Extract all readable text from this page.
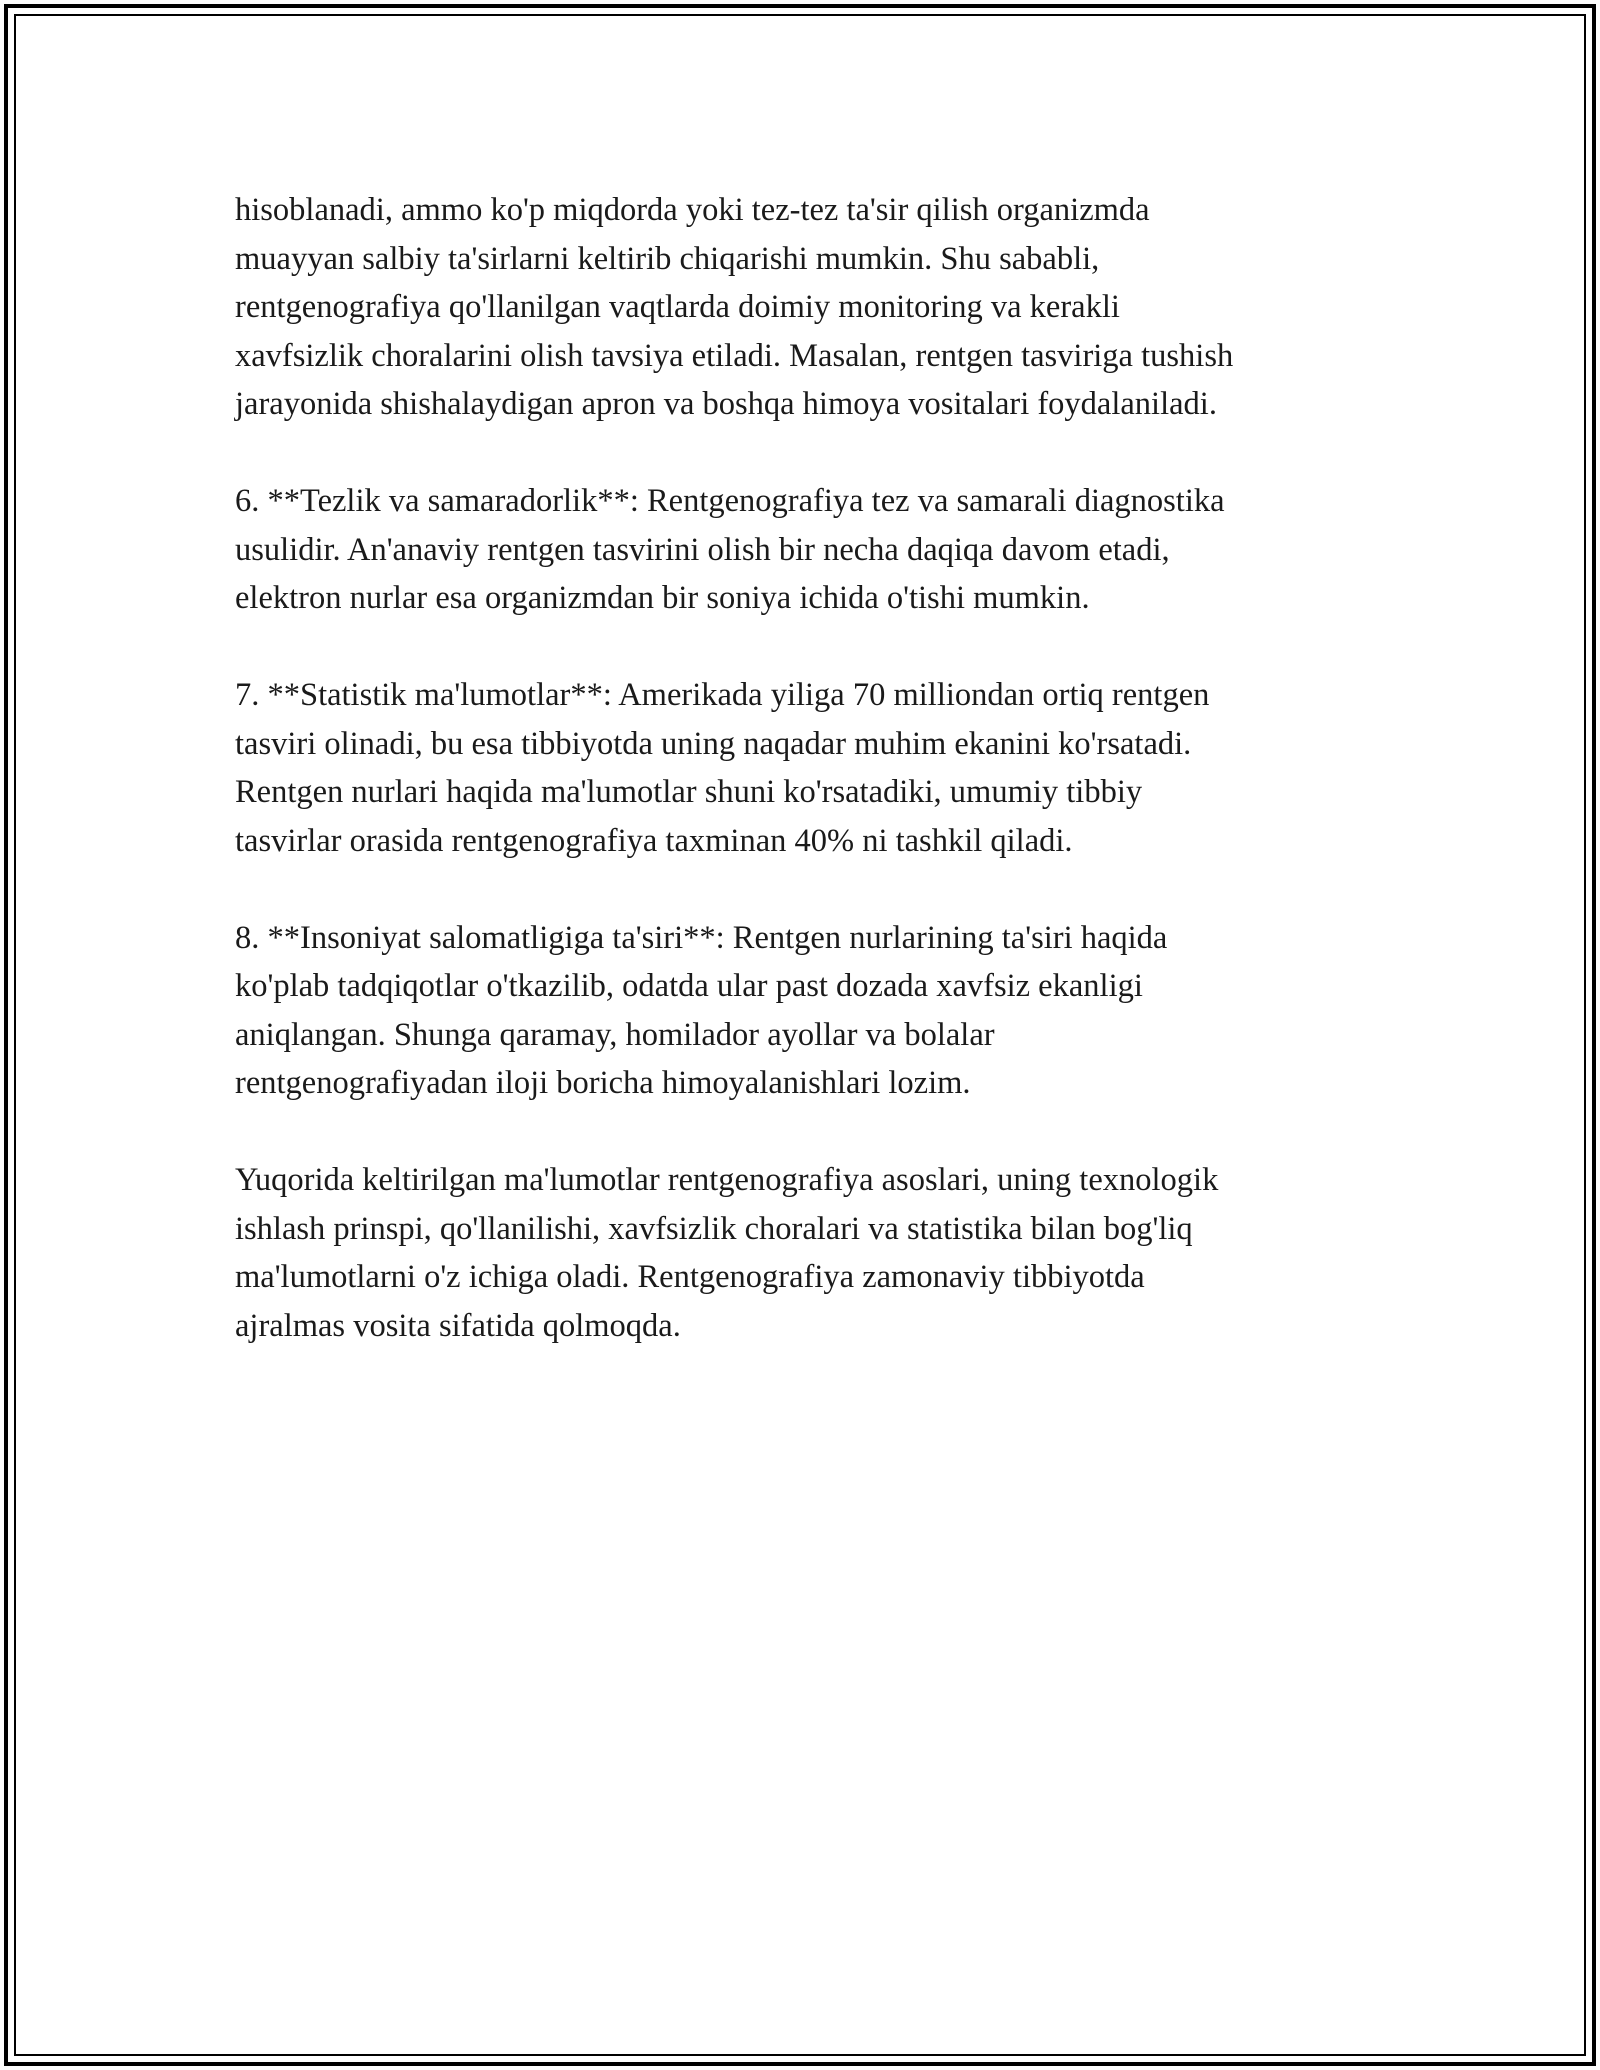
hisoblanadi, ammo ko'p miqdorda yoki tez-tez ta'sir qilish organizmda
muayyan salbiy ta'sirlarni keltirib chiqarishi mumkin. Shu sababli,
rentgenografiya qo'llanilgan vaqtlarda doimiy monitoring va kerakli
xavfsizlik choralarini olish tavsiya etiladi. Masalan, rentgen tasviriga tushish
jarayonida shishalaydigan apron va boshqa himoya vositalari foydalaniladi.

6. **Tezlik va samaradorlik**: Rentgenografiya tez va samarali diagnostika
usulidir. An'anaviy rentgen tasvirini olish bir necha daqiqa davom etadi,
elektron nurlar esa organizmdan bir soniya ichida o'tishi mumkin.

7. **Statistik ma'lumotlar**: Amerikada yiliga 70 milliondan ortiq rentgen
tasviri olinadi, bu esa tibbiyotda uning naqadar muhim ekanini ko'rsatadi.
Rentgen nurlari haqida ma'lumotlar shuni ko'rsatadiki, umumiy tibbiy
tasvirlar orasida rentgenografiya taxminan 40% ni tashkil qiladi.

8. **Insoniyat salomatligiga ta'siri**: Rentgen nurlarining ta'siri haqida
ko'plab tadqiqotlar o'tkazilib, odatda ular past dozada xavfsiz ekanligi
aniqlangan. Shunga qaramay, homilador ayollar va bolalar
rentgenografiyadan iloji boricha himoyalanishlari lozim.

Yuqorida keltirilgan ma'lumotlar rentgenografiya asoslari, uning texnologik
ishlash prinspi, qo'llanilishi, xavfsizlik choralari va statistika bilan bog'liq
ma'lumotlarni o'z ichiga oladi. Rentgenografiya zamonaviy tibbiyotda
ajralmas vosita sifatida qolmoqda.
